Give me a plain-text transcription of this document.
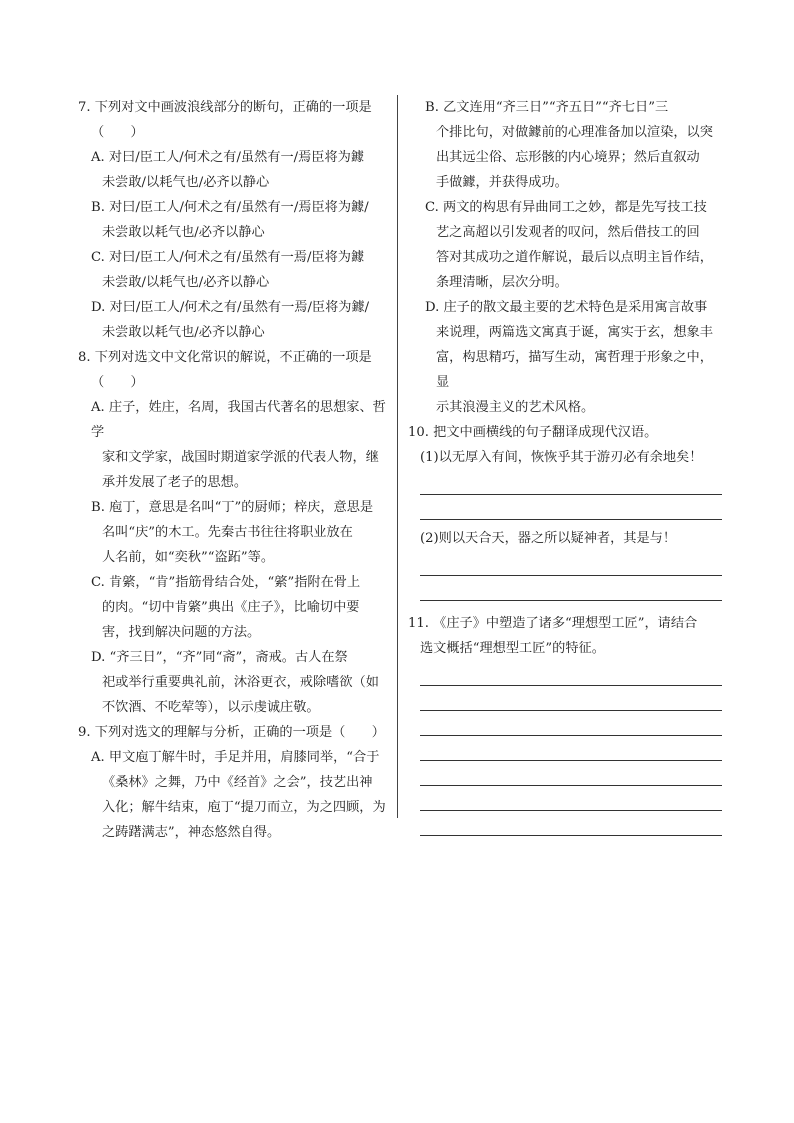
7. 下列对文中画波浪线部分的断句，正确的一项是
（　　）
A. 对曰/臣工人/何术之有/虽然有一/焉臣将为鐻
未尝敢/以耗气也/必齐以静心
B. 对曰/臣工人/何术之有/虽然有一/焉臣将为鐻/
未尝敢以耗气也/必齐以静心
C. 对曰/臣工人/何术之有/虽然有一焉/臣将为鐻
未尝敢/以耗气也/必齐以静心
D. 对曰/臣工人/何术之有/虽然有一焉/臣将为鐻/
未尝敢以耗气也/必齐以静心
8. 下列对选文中文化常识的解说，不正确的一项是
（　　）
A. 庄子，姓庄，名周，我国古代著名的思想家、哲学
家和文学家，战国时期道家学派的代表人物，继
承并发展了老子的思想。
B. 庖丁，意思是名叫“丁”的厨师；梓庆，意思是
名叫“庆”的木工。先秦古书往往将职业放在
人名前，如“奕秋”“盗跖”等。
C. 肯綮，“肯”指筋骨结合处，“綮”指附在骨上
的肉。“切中肯綮”典出《庄子》，比喻切中要
害，找到解决问题的方法。
D. “齐三日”，“齐”同“斋”，斋戒。古人在祭
祀或举行重要典礼前，沐浴更衣，戒除嗜欲（如
不饮酒、不吃荤等），以示虔诚庄敬。
9. 下列对选文的理解与分析，正确的一项是（　　）
A. 甲文庖丁解牛时，手足并用，肩膝同举，“合于
《桑林》之舞，乃中《经首》之会”，技艺出神
入化；解牛结束，庖丁“提刀而立，为之四顾，为
之踌躇满志”，神态悠然自得。
B. 乙文连用“齐三日”“齐五日”“齐七日”三
个排比句，对做鐻前的心理准备加以渲染，以突
出其远尘俗、忘形骸的内心境界；然后直叙动
手做鐻，并获得成功。
C. 两文的构思有异曲同工之妙，都是先写技工技
艺之高超以引发观者的叹问，然后借技工的回
答对其成功之道作解说，最后以点明主旨作结，
条理清晰，层次分明。
D. 庄子的散文最主要的艺术特色是采用寓言故事
来说理，两篇选文寓真于诞，寓实于玄，想象丰
富，构思精巧，描写生动，寓哲理于形象之中，显
示其浪漫主义的艺术风格。
10. 把文中画横线的句子翻译成现代汉语。
(1)以无厚入有间，恢恢乎其于游刃必有余地矣！
(2)则以天合天，器之所以疑神者，其是与！
11. 《庄子》中塑造了诸多“理想型工匠”，请结合
选文概括“理想型工匠”的特征。
